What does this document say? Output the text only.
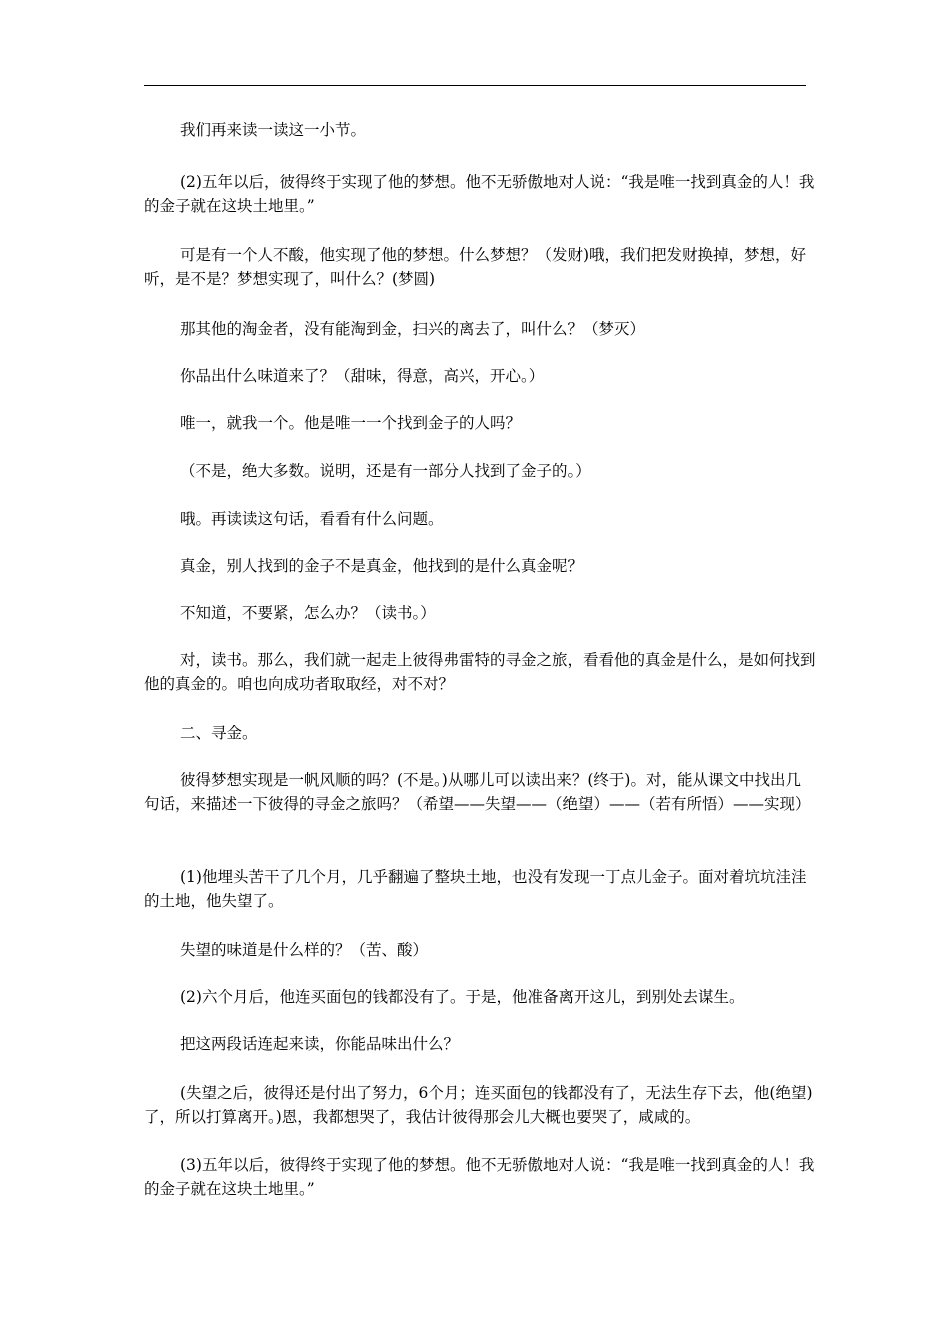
我们再来读一读这一小节。

(2)五年以后，彼得终于实现了他的梦想。他不无骄傲地对人说：“我是唯一找到真金的人！我的金子就在这块土地里。”

可是有一个人不酸，他实现了他的梦想。什么梦想？（发财)哦，我们把发财换掉，梦想，好听，是不是？梦想实现了，叫什么？(梦圆)

那其他的淘金者，没有能淘到金，扫兴的离去了，叫什么？（梦灭）

你品出什么味道来了？（甜味，得意，高兴，开心。）

唯一，就我一个。他是唯一一个找到金子的人吗？

（不是，绝大多数。说明，还是有一部分人找到了金子的。）

哦。再读读这句话，看看有什么问题。

真金，别人找到的金子不是真金，他找到的是什么真金呢？

不知道，不要紧，怎么办？（读书。）

对，读书。那么，我们就一起走上彼得弗雷特的寻金之旅，看看他的真金是什么，是如何找到他的真金的。咱也向成功者取取经，对不对？

二、寻金。

彼得梦想实现是一帆风顺的吗？(不是。)从哪儿可以读出来？(终于)。对，能从课文中找出几句话，来描述一下彼得的寻金之旅吗？（希望——失望——（绝望）——（若有所悟）——实现）

(1)他埋头苦干了几个月，几乎翻遍了整块土地，也没有发现一丁点儿金子。面对着坑坑洼洼的土地，他失望了。

失望的味道是什么样的？（苦、酸）

(2)六个月后，他连买面包的钱都没有了。于是，他准备离开这儿，到别处去谋生。

把这两段话连起来读，你能品味出什么？

(失望之后，彼得还是付出了努力，6个月；连买面包的钱都没有了，无法生存下去，他(绝望)了，所以打算离开。)恩，我都想哭了，我估计彼得那会儿大概也要哭了，咸咸的。

(3)五年以后，彼得终于实现了他的梦想。他不无骄傲地对人说：“我是唯一找到真金的人！我的金子就在这块土地里。”
